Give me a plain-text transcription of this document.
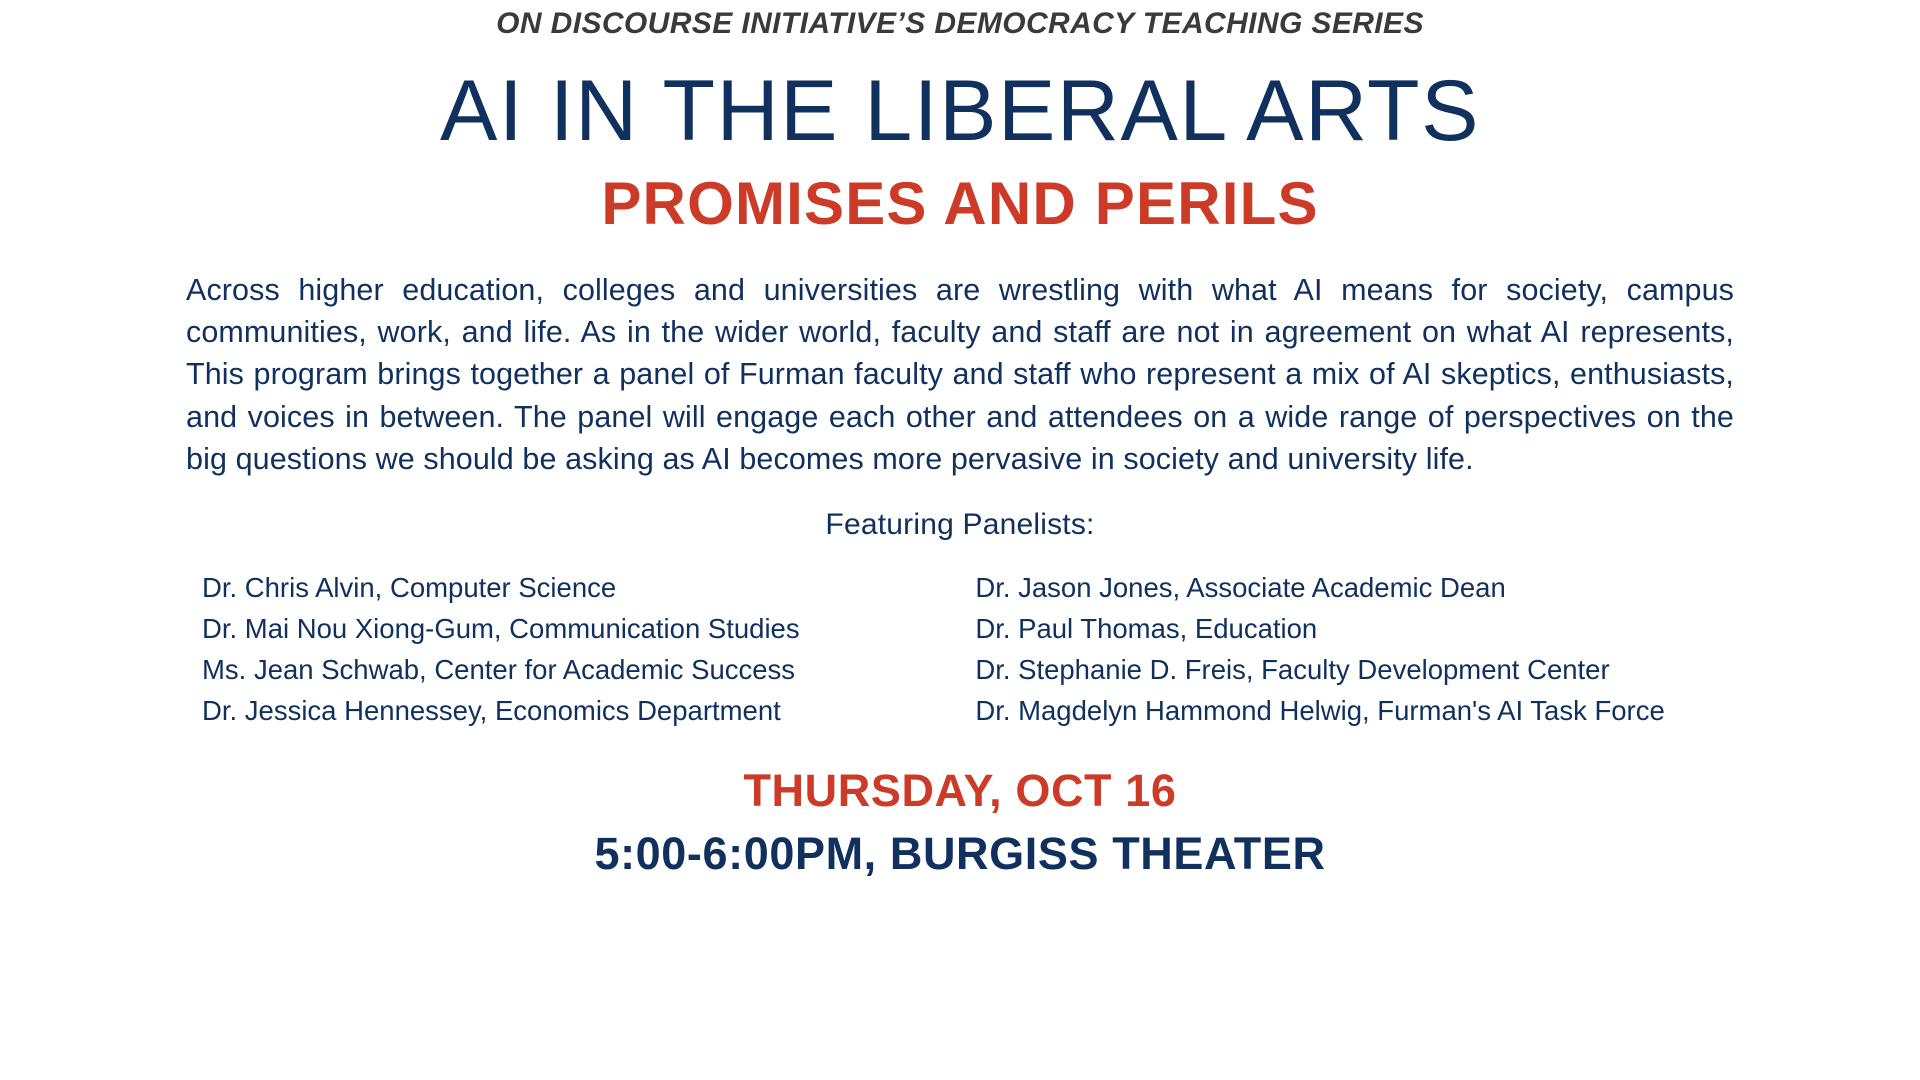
ON DISCOURSE INITIATIVE’S DEMOCRACY TEACHING SERIES
AI IN THE LIBERAL ARTS
PROMISES AND PERILS
Across higher education, colleges and universities are wrestling with what AI means for society, campus communities, work, and life. As in the wider world, faculty and staff are not in agreement on what AI represents, This program brings together a panel of Furman faculty and staff who represent a mix of AI skeptics, enthusiasts, and voices in between. The panel will engage each other and attendees on a wide range of perspectives on the big questions we should be asking as AI becomes more pervasive in society and university life.
Featuring Panelists:
Dr. Chris Alvin, Computer Science
Dr. Mai Nou Xiong-Gum, Communication Studies
Ms. Jean Schwab, Center for Academic Success
Dr. Jessica Hennessey, Economics Department
Dr. Jason Jones, Associate Academic Dean
Dr. Paul Thomas, Education
Dr. Stephanie D. Freis, Faculty Development Center
Dr. Magdelyn Hammond Helwig, Furman's AI Task Force
THURSDAY, OCT 16
5:00-6:00PM, BURGISS THEATER
